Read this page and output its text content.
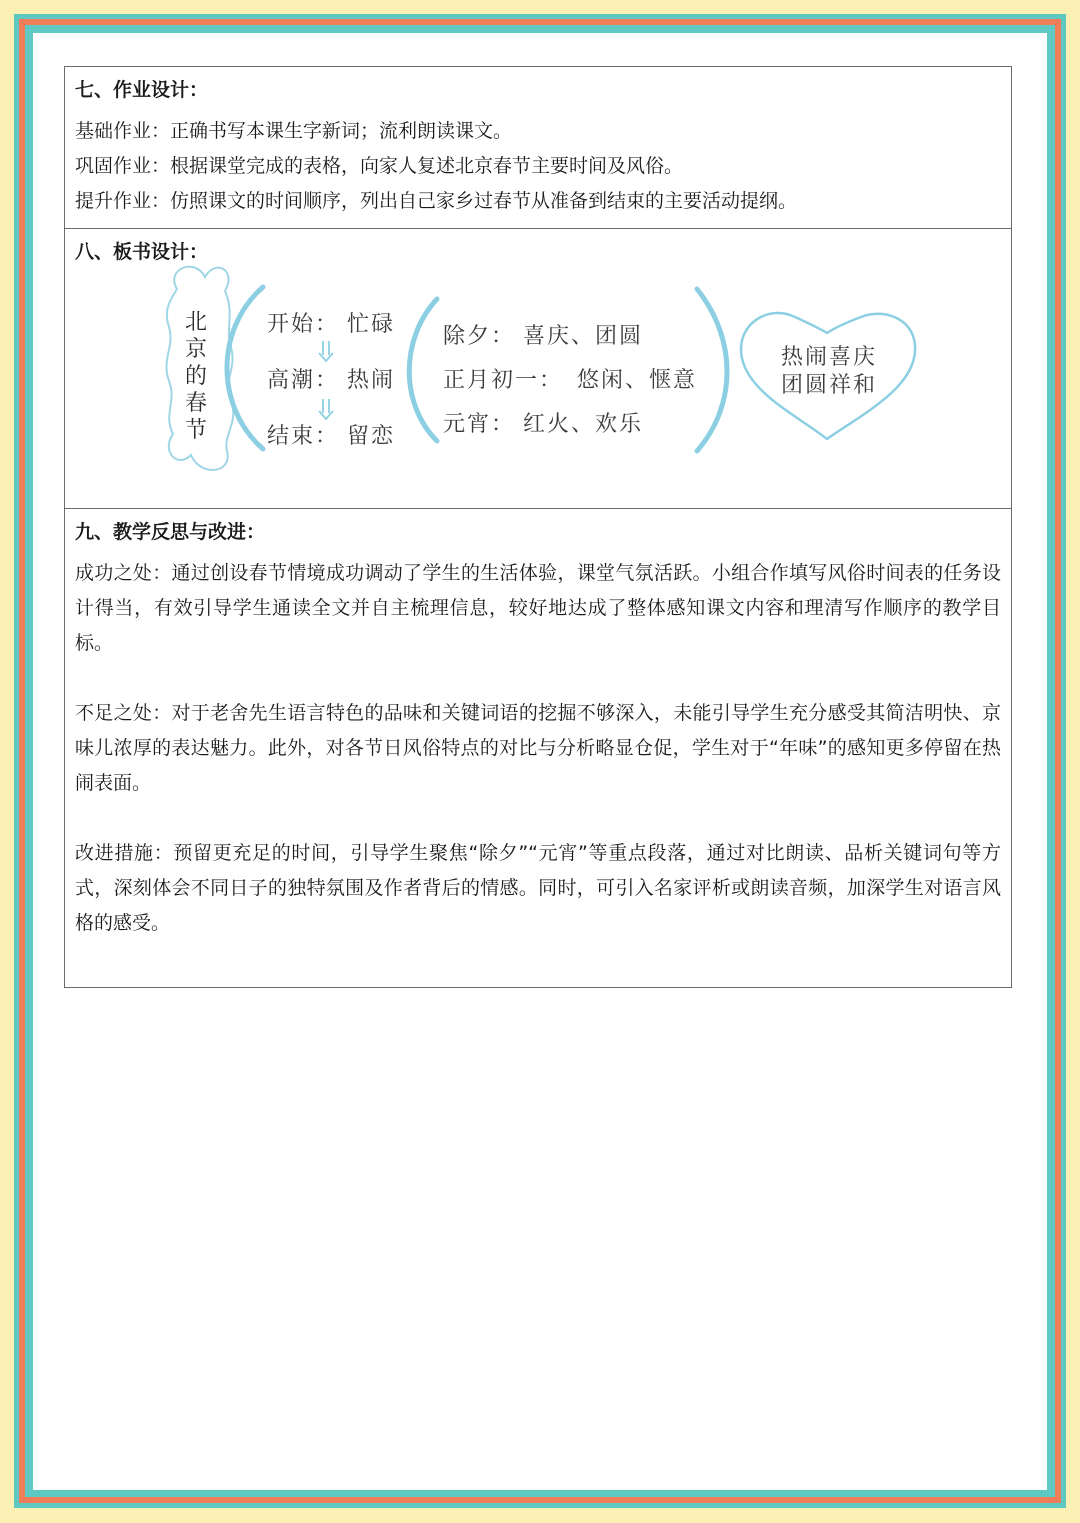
七、作业设计：

基础作业：正确书写本课生字新词；流利朗读课文。

巩固作业：根据课堂完成的表格，向家人复述北京春节主要时间及风俗。

提升作业：仿照课文的时间顺序，列出自己家乡过春节从准备到结束的主要活动提纲。

八、板书设计：

北
京
的
春
节
开始： 忙碌
高潮： 热闹
结束： 留恋
除夕： 喜庆、团圆
正月初一： 悠闲、惬意
元宵： 红火、欢乐
热闹喜庆
团圆祥和

九、教学反思与改进：

成功之处：通过创设春节情境成功调动了学生的生活体验，课堂气氛活跃。小组合作填写风俗时间表的任务设计得当，有效引导学生通读全文并自主梳理信息，较好地达成了整体感知课文内容和理清写作顺序的教学目标。

不足之处：对于老舍先生语言特色的品味和关键词语的挖掘不够深入，未能引导学生充分感受其简洁明快、京味儿浓厚的表达魅力。此外，对各节日风俗特点的对比与分析略显仓促，学生对于“年味”的感知更多停留在热闹表面。

改进措施：预留更充足的时间，引导学生聚焦“除夕”“元宵”等重点段落，通过对比朗读、品析关键词句等方式，深刻体会不同日子的独特氛围及作者背后的情感。同时，可引入名家评析或朗读音频，加深学生对语言风格的感受。
